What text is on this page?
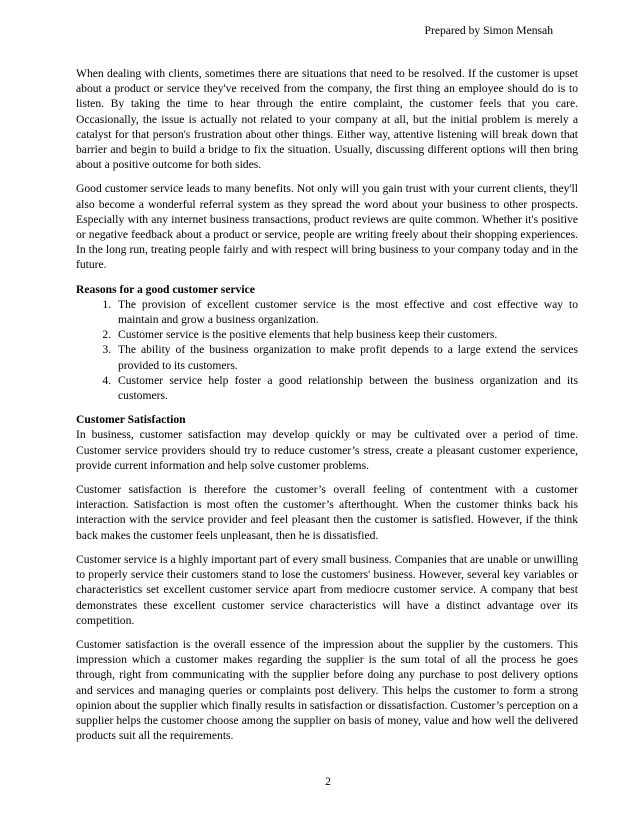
Prepared by Simon Mensah

When dealing with clients, sometimes there are situations that need to be resolved. If the customer is upset about a product or service they've received from the company, the first thing an employee should do is to listen. By taking the time to hear through the entire complaint, the customer feels that you care. Occasionally, the issue is actually not related to your company at all, but the initial problem is merely a catalyst for that person's frustration about other things. Either way, attentive listening will break down that barrier and begin to build a bridge to fix the situation. Usually, discussing different options will then bring about a positive outcome for both sides.

Good customer service leads to many benefits. Not only will you gain trust with your current clients, they'll also become a wonderful referral system as they spread the word about your business to other prospects. Especially with any internet business transactions, product reviews are quite common. Whether it's positive or negative feedback about a product or service, people are writing freely about their shopping experiences. In the long run, treating people fairly and with respect will bring business to your company today and in the future.

Reasons for a good customer service
1. The provision of excellent customer service is the most effective and cost effective way to maintain and grow a business organization.
2. Customer service is the positive elements that help business keep their customers.
3. The ability of the business organization to make profit depends to a large extend the services provided to its customers.
4. Customer service help foster a good relationship between the business organization and its customers.
Customer Satisfaction

In business, customer satisfaction may develop quickly or may be cultivated over a period of time. Customer service providers should try to reduce customer’s stress, create a pleasant customer experience, provide current information and help solve customer problems.

Customer satisfaction is therefore the customer’s overall feeling of contentment with a customer interaction. Satisfaction is most often the customer’s afterthought. When the customer thinks back his interaction with the service provider and feel pleasant then the customer is satisfied. However, if the think back makes the customer feels unpleasant, then he is dissatisfied.

Customer service is a highly important part of every small business. Companies that are unable or unwilling to properly service their customers stand to lose the customers' business. However, several key variables or characteristics set excellent customer service apart from mediocre customer service. A company that best demonstrates these excellent customer service characteristics will have a distinct advantage over its competition.

Customer satisfaction is the overall essence of the impression about the supplier by the customers. This impression which a customer makes regarding the supplier is the sum total of all the process he goes through, right from communicating with the supplier before doing any purchase to post delivery options and services and managing queries or complaints post delivery. This helps the customer to form a strong opinion about the supplier which finally results in satisfaction or dissatisfaction. Customer’s perception on a supplier helps the customer choose among the supplier on basis of money, value and how well the delivered products suit all the requirements.

2
